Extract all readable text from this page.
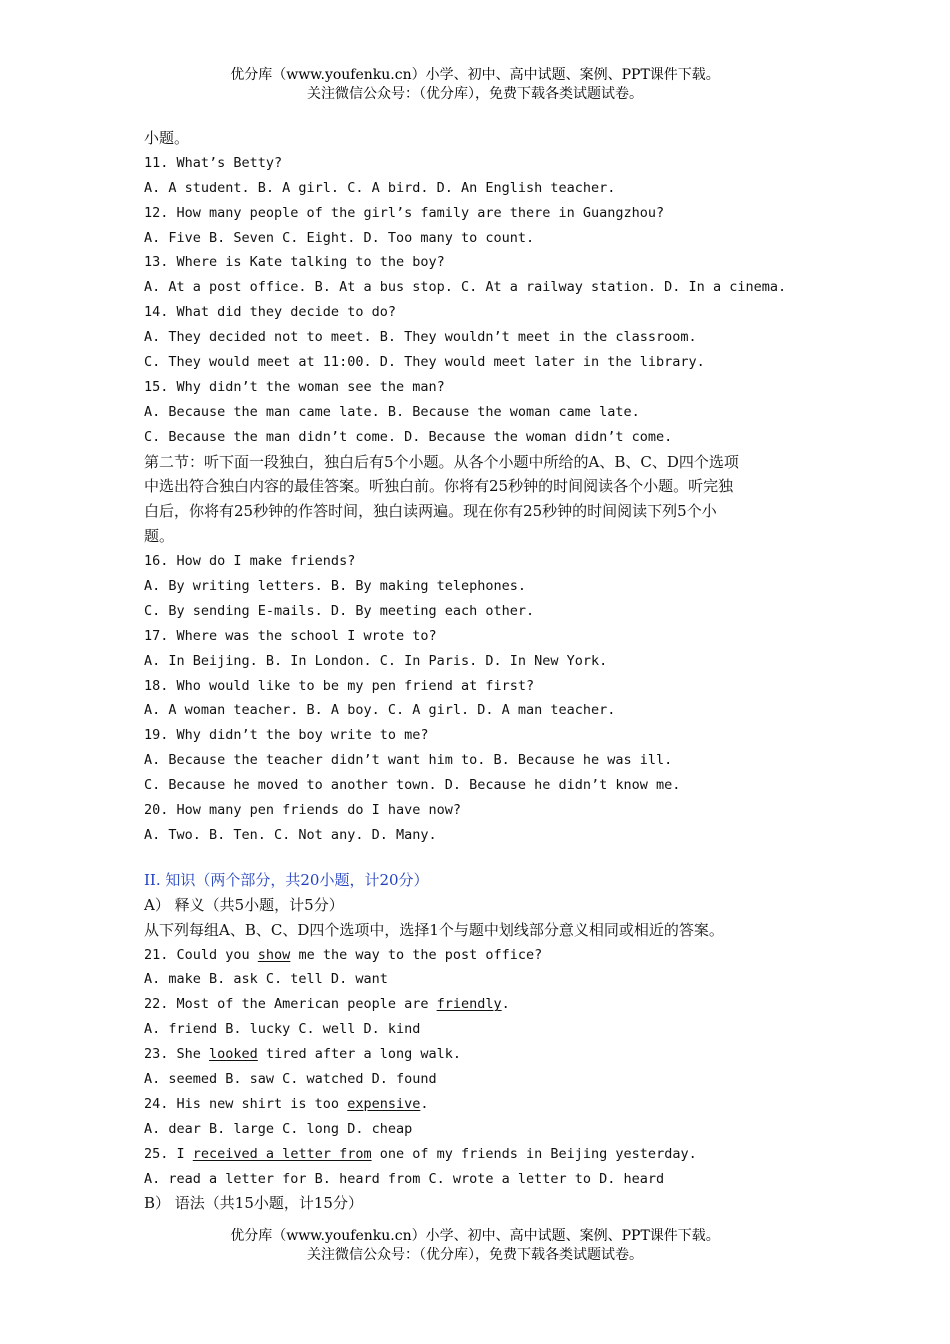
优分库（www.youfenku.cn）小学、初中、高中试题、案例、PPT课件下载。
关注微信公众号：（优分库），免费下载各类试题试卷。
小题。
11. What’s Betty?
A. A student. B. A girl. C. A bird. D. An English teacher.
12. How many people of the girl’s family are there in Guangzhou?
A. Five B. Seven C. Eight. D. Too many to count.
13. Where is Kate talking to the boy?
A. At a post office. B. At a bus stop. C. At a railway station. D. In a cinema.
14. What did they decide to do?
A. They decided not to meet. B. They wouldn’t meet in the classroom.
C. They would meet at 11:00. D. They would meet later in the library.
15. Why didn’t the woman see the man?
A. Because the man came late. B. Because the woman came late.
C. Because the man didn’t come. D. Because the woman didn’t come.
第二节：听下面一段独白，独白后有5个小题。从各个小题中所给的A、B、C、D四个选项
中选出符合独白内容的最佳答案。听独白前。你将有25秒钟的时间阅读各个小题。听完独
白后，你将有25秒钟的作答时间，独白读两遍。现在你有25秒钟的时间阅读下列5个小
题。
16. How do I make friends?
A. By writing letters. B. By making telephones.
C. By sending E-mails. D. By meeting each other.
17. Where was the school I wrote to?
A. In Beijing. B. In London. C. In Paris. D. In New York.
18. Who would like to be my pen friend at first?
A. A woman teacher. B. A boy. C. A girl. D. A man teacher.
19. Why didn’t the boy write to me?
A. Because the teacher didn’t want him to. B. Because he was ill.
C. Because he moved to another town. D. Because he didn’t know me.
20. How many pen friends do I have now?
A. Two. B. Ten. C. Not any. D. Many.
II. 知识（两个部分，共20小题，计20分）
A） 释义（共5小题，计5分）
从下列每组A、B、C、D四个选项中，选择1个与题中划线部分意义相同或相近的答案。
21. Could you show me the way to the post office?
A. make B. ask C. tell D. want
22. Most of the American people are friendly.
A. friend B. lucky C. well D. kind
23. She looked tired after a long walk.
A. seemed B. saw C. watched D. found
24. His new shirt is too expensive.
A. dear B. large C. long D. cheap
25. I received a letter from one of my friends in Beijing yesterday.
A. read a letter for B. heard from C. wrote a letter to D. heard
B） 语法（共15小题，计15分）
优分库（www.youfenku.cn）小学、初中、高中试题、案例、PPT课件下载。
关注微信公众号：（优分库），免费下载各类试题试卷。
